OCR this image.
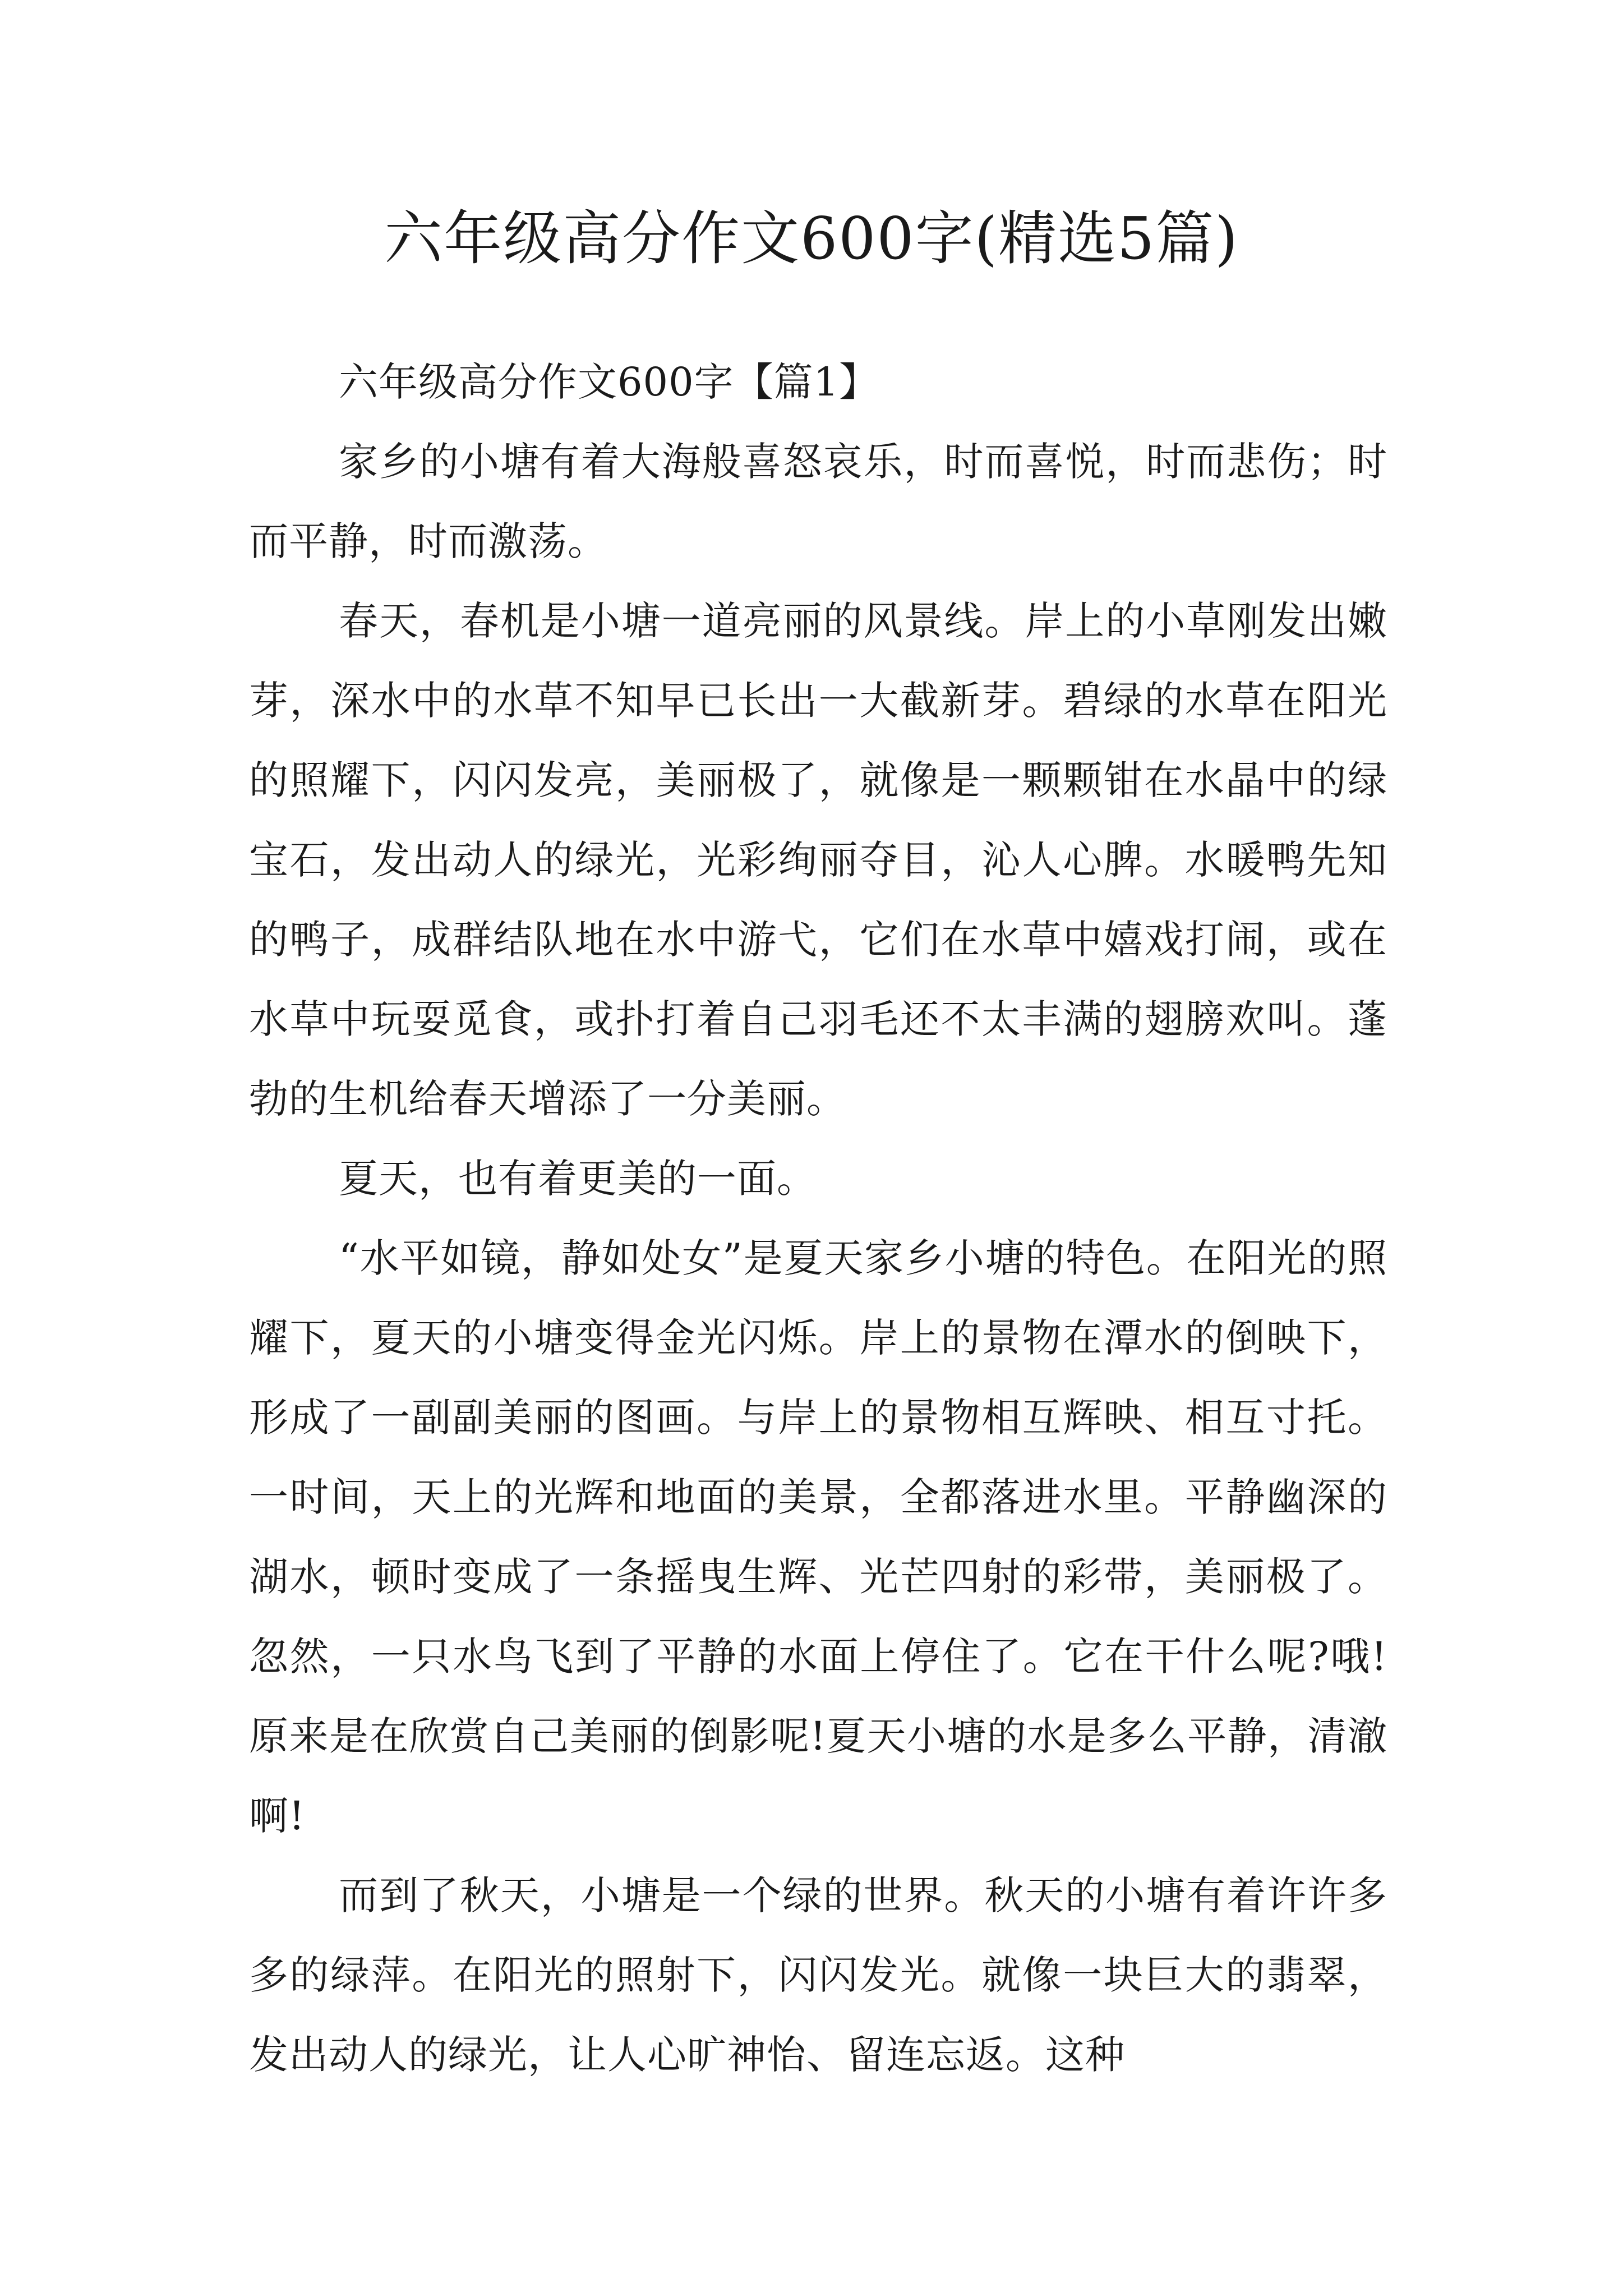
六年级高分作文600字(精选5篇)

六年级高分作文600字【篇1】

家乡的小塘有着大海般喜怒哀乐，时而喜悦，时而悲伤；时而平静，时而激荡。

春天，春机是小塘一道亮丽的风景线。岸上的小草刚发出嫩芽，深水中的水草不知早已长出一大截新芽。碧绿的水草在阳光的照耀下，闪闪发亮，美丽极了，就像是一颗颗钳在水晶中的绿宝石，发出动人的绿光，光彩绚丽夺目，沁人心脾。水暖鸭先知的鸭子，成群结队地在水中游弋，它们在水草中嬉戏打闹，或在水草中玩耍觅食，或扑打着自己羽毛还不太丰满的翅膀欢叫。蓬勃的生机给春天增添了一分美丽。

夏天，也有着更美的一面。

“水平如镜，静如处女”是夏天家乡小塘的特色。在阳光的照耀下，夏天的小塘变得金光闪烁。岸上的景物在潭水的倒映下，形成了一副副美丽的图画。与岸上的景物相互辉映、相互寸托。一时间，天上的光辉和地面的美景，全都落进水里。平静幽深的湖水，顿时变成了一条摇曳生辉、光芒四射的彩带，美丽极了。忽然，一只水鸟飞到了平静的水面上停住了。它在干什么呢?哦!原来是在欣赏自己美丽的倒影呢!夏天小塘的水是多么平静，清澈啊!

而到了秋天，小塘是一个绿的世界。秋天的小塘有着许许多多的绿萍。在阳光的照射下，闪闪发光。就像一块巨大的翡翠，发出动人的绿光，让人心旷神怡、留连忘返。这种
